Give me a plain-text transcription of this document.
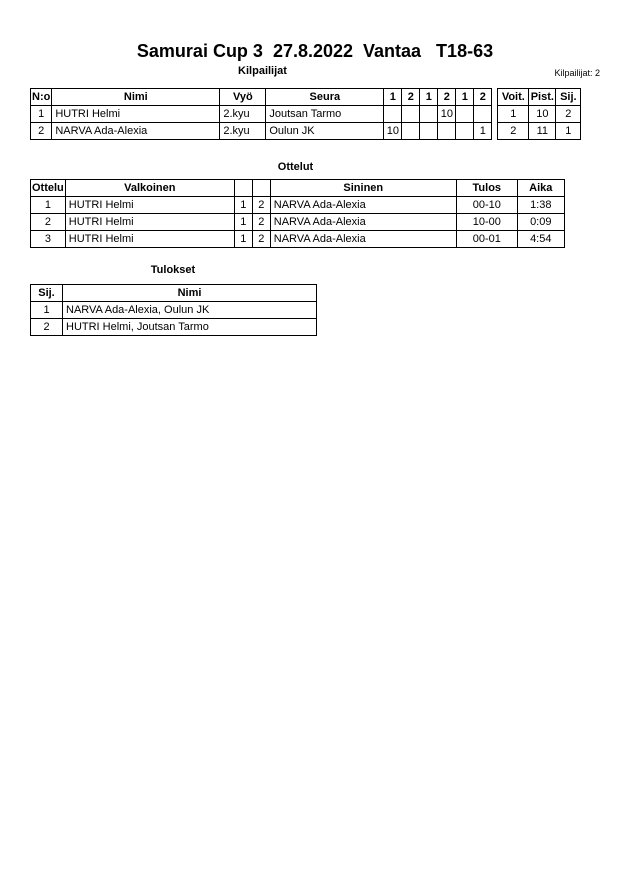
Samurai Cup 3  27.8.2022  Vantaa   T18-63
Kilpailijat	Kilpailijat: 2
N:o	Nimi	Vyö	Seura	1	2	1	2	1	2
1	HUTRI Helmi	2.kyu	Joutsan Tarmo				10		
2	NARVA Ada-Alexia	2.kyu	Oulun JK	10					1
Voit.	Pist.	Sij.
1	10	2
2	11	1
Ottelut
Ottelu	Valkoinen			Sininen	Tulos	Aika
1	HUTRI Helmi	1	2	NARVA Ada-Alexia	00-10	1:38
2	HUTRI Helmi	1	2	NARVA Ada-Alexia	10-00	0:09
3	HUTRI Helmi	1	2	NARVA Ada-Alexia	00-01	4:54
Tulokset
Sij.	Nimi
1	NARVA Ada-Alexia, Oulun JK
2	HUTRI Helmi, Joutsan Tarmo
